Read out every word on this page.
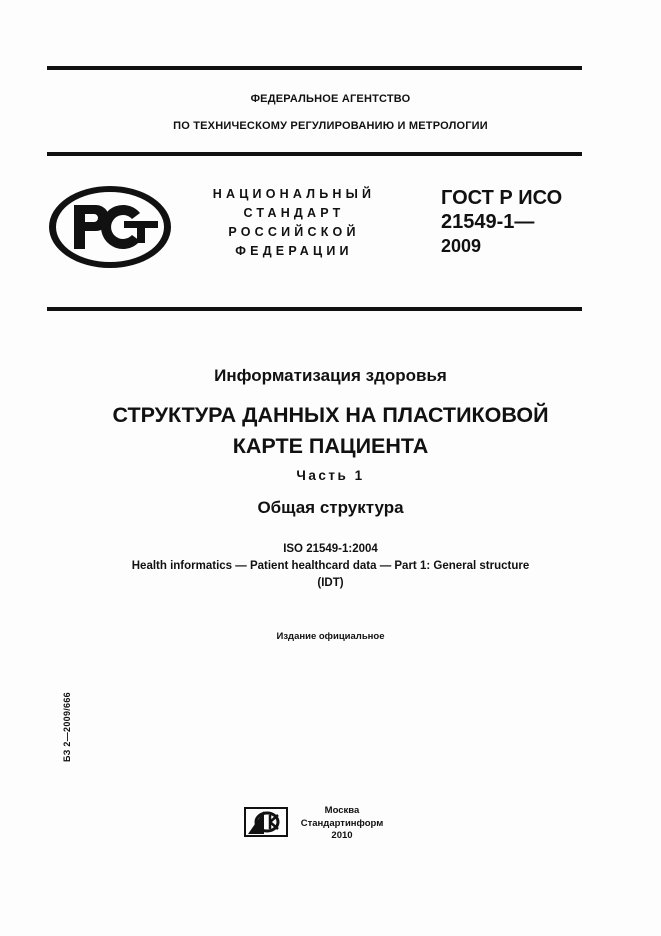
ФЕДЕРАЛЬНОЕ АГЕНТСТВО
ПО ТЕХНИЧЕСКОМУ РЕГУЛИРОВАНИЮ И МЕТРОЛОГИИ
НАЦИОНАЛЬНЫЙ
СТАНДАРТ
РОССИЙСКОЙ
ФЕДЕРАЦИИ
ГОСТ Р ИСО
21549-1—
2009
Информатизация здоровья
СТРУКТУРА ДАННЫХ НА ПЛАСТИКОВОЙ
КАРТЕ ПАЦИЕНТА
Часть 1
Общая структура
ISO 21549-1:2004
Health informatics — Patient healthcard data — Part 1: General structure
(IDT)
Издание официальное
БЗ 2—2009/666
Москва
Стандартинформ
2010
